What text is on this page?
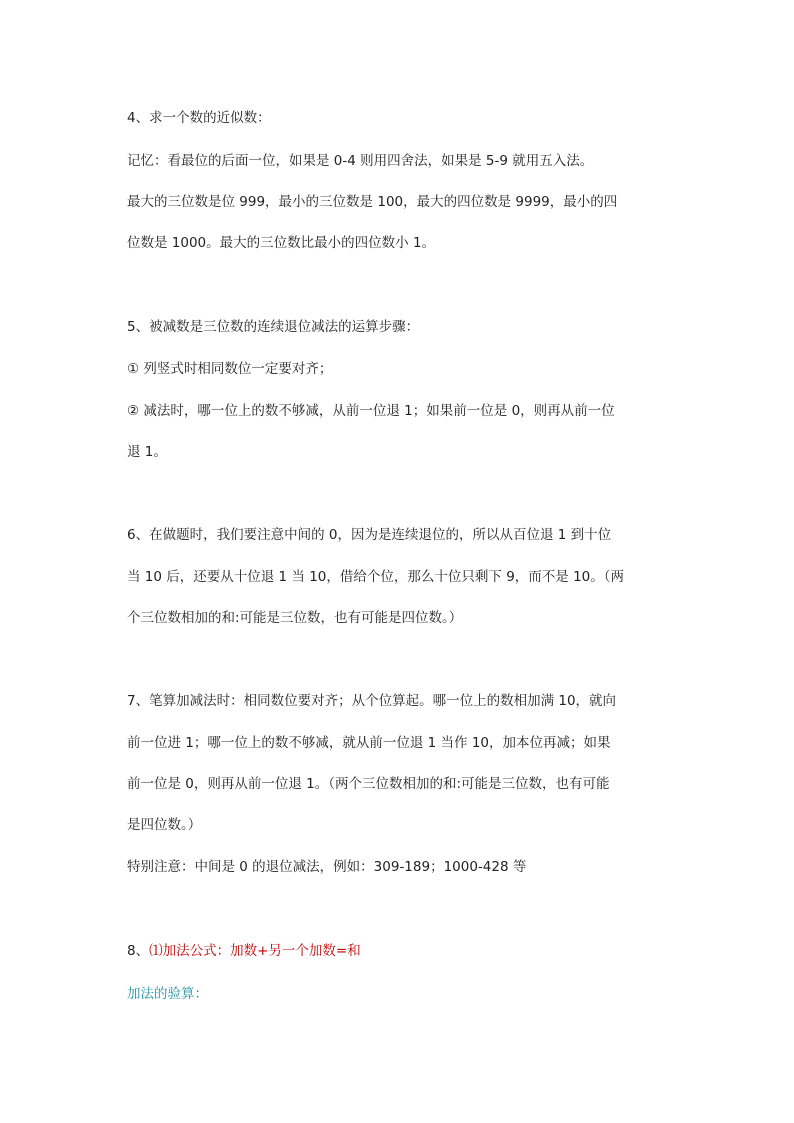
4、求一个数的近似数：
记忆：看最位的后面一位，如果是 0-4 则用四舍法，如果是 5-9 就用五入法。
最大的三位数是位 999，最小的三位数是 100，最大的四位数是 9999，最小的四
位数是 1000。最大的三位数比最小的四位数小 1。
5、被减数是三位数的连续退位减法的运算步骤：
① 列竖式时相同数位一定要对齐；
② 减法时，哪一位上的数不够减，从前一位退 1；如果前一位是 0，则再从前一位
退 1。
6、在做题时，我们要注意中间的 0，因为是连续退位的，所以从百位退 1 到十位
当 10 后，还要从十位退 1 当 10，借给个位，那么十位只剩下 9，而不是 10。（两
个三位数相加的和:可能是三位数，也有可能是四位数。）
7、笔算加减法时：相同数位要对齐；从个位算起。哪一位上的数相加满 10，就向
前一位进 1；哪一位上的数不够减，就从前一位退 1 当作 10，加本位再减；如果
前一位是 0，则再从前一位退 1。（两个三位数相加的和:可能是三位数，也有可能
是四位数。）
特别注意：中间是 0 的退位减法，例如：309-189；1000-428 等
8、⑴加法公式：加数+另一个加数=和
加法的验算：
